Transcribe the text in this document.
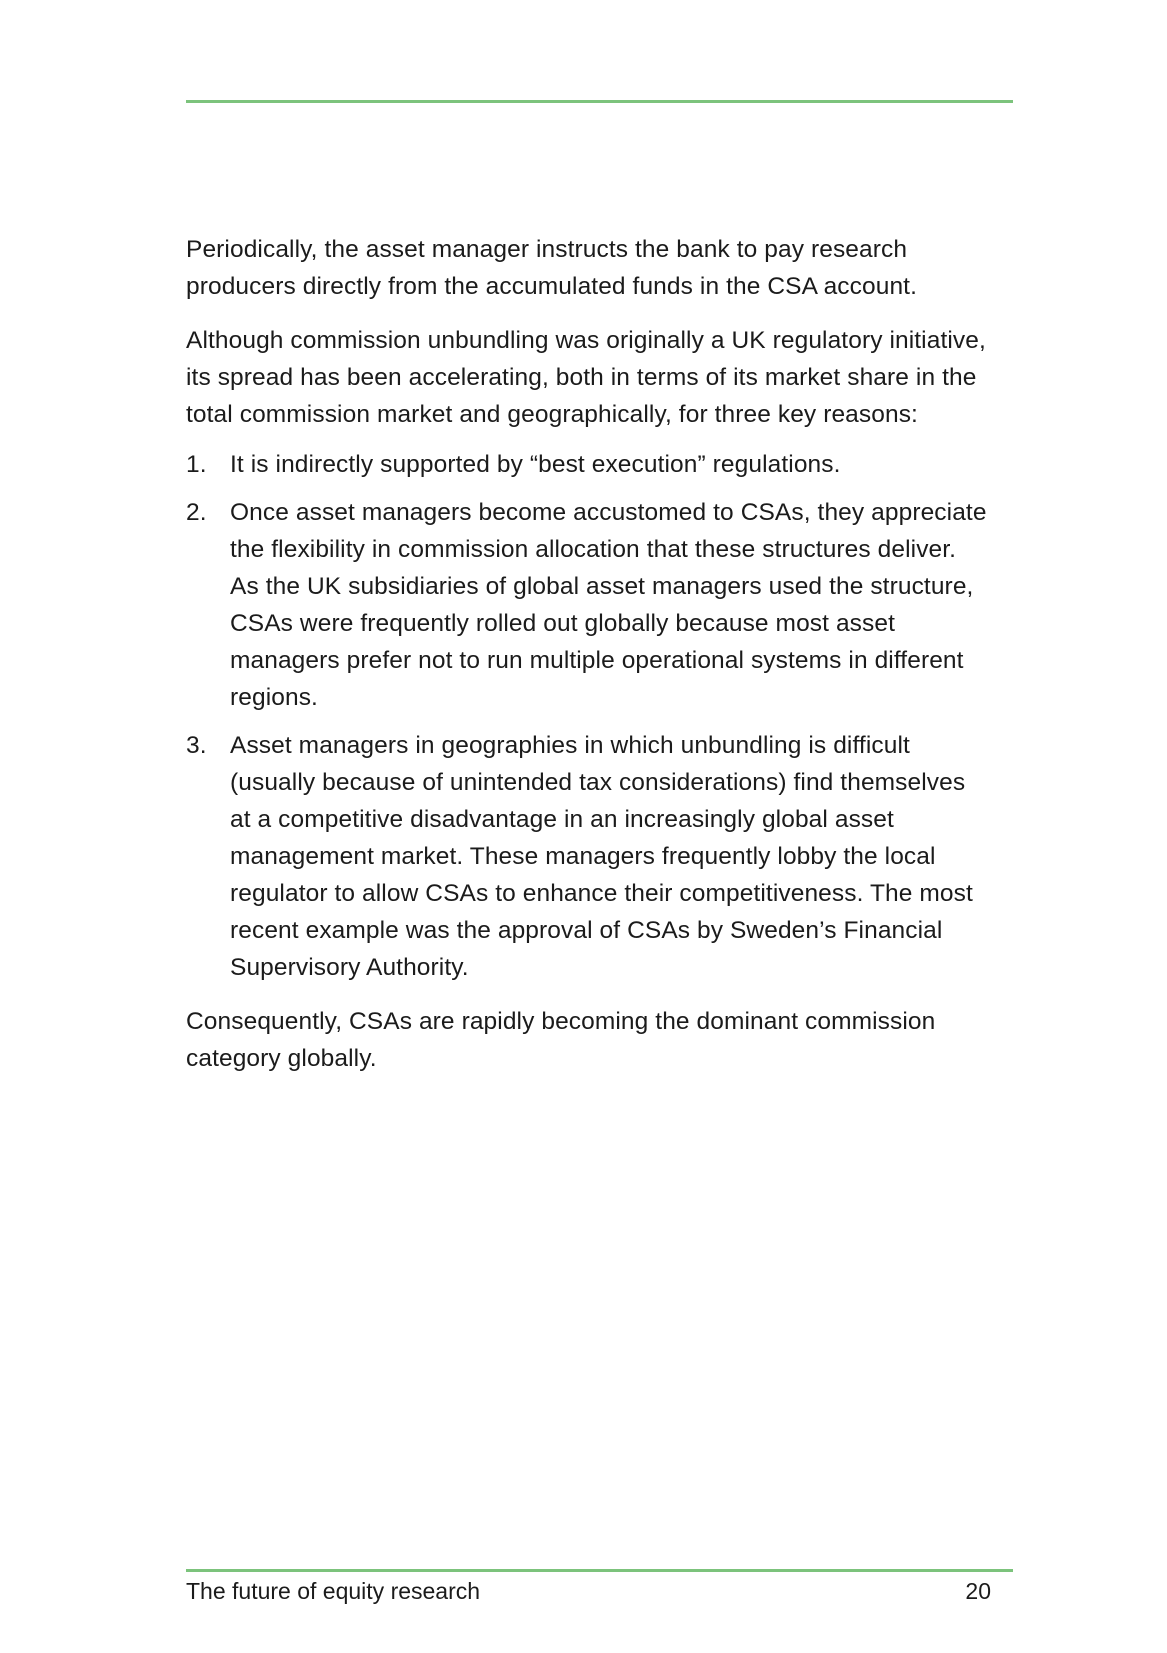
Periodically, the asset manager instructs the bank to pay research producers directly from the accumulated funds in the CSA account.

Although commission unbundling was originally a UK regulatory initiative, its spread has been accelerating, both in terms of its market share in the total commission market and geographically, for three key reasons:

1. It is indirectly supported by “best execution” regulations.
2. Once asset managers become accustomed to CSAs, they appreciate the flexibility in commission allocation that these structures deliver. As the UK subsidiaries of global asset managers used the structure, CSAs were frequently rolled out globally because most asset managers prefer not to run multiple operational systems in different regions.
3. Asset managers in geographies in which unbundling is difficult (usually because of unintended tax considerations) find themselves at a competitive disadvantage in an increasingly global asset management market. These managers frequently lobby the local regulator to allow CSAs to enhance their competitiveness. The most recent example was the approval of CSAs by Sweden’s Financial Supervisory Authority.

Consequently, CSAs are rapidly becoming the dominant commission category globally.

The future of equity research	20
